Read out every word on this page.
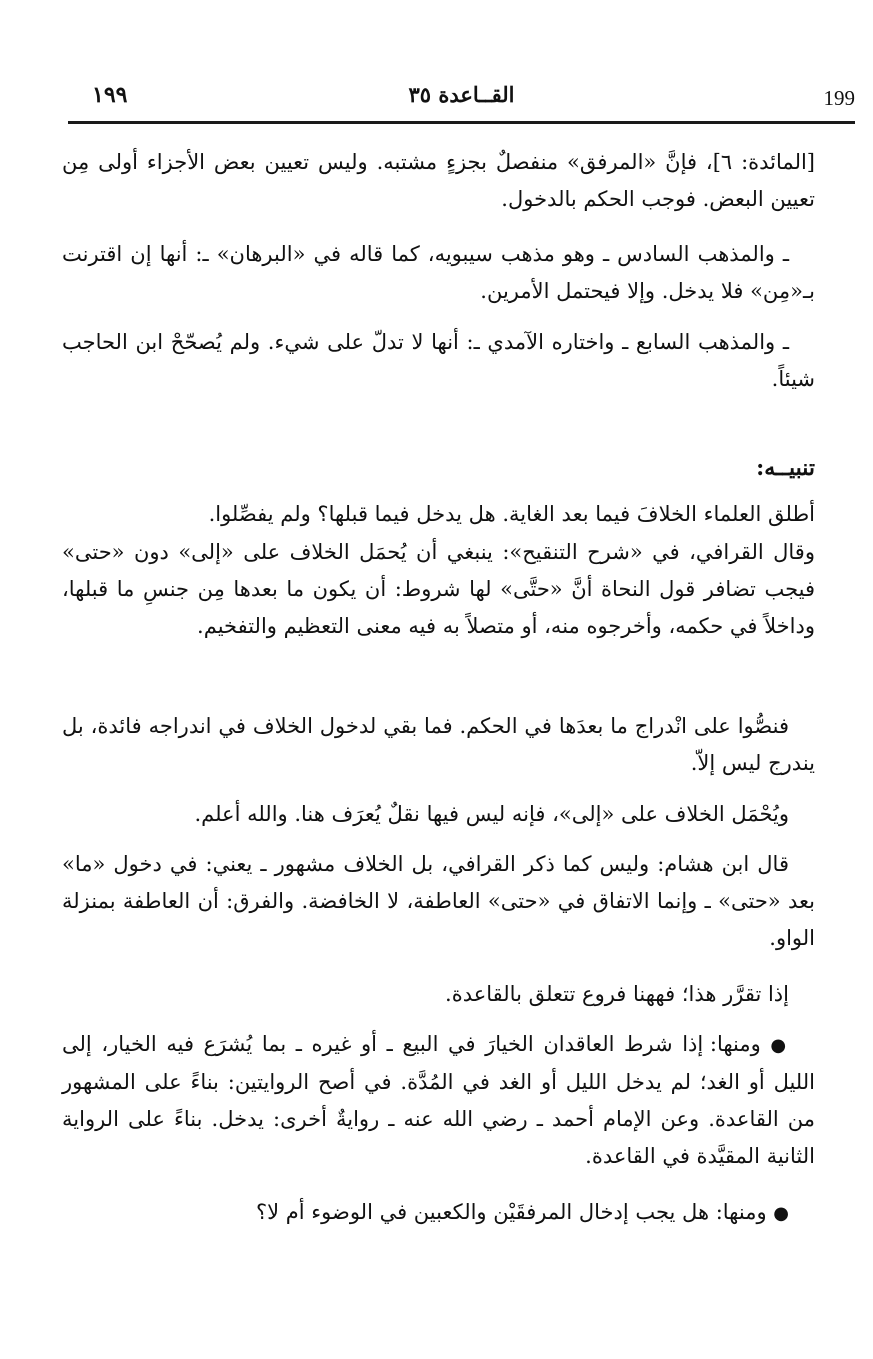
199
القــاعدة ٣٥
١٩٩

[المائدة: ٦]، فإنَّ «المرفق» منفصلٌ بجزءٍ مشتبه. وليس تعيين بعض الأجزاء أولى مِن تعيين البعض. فوجب الحكم بالدخول.

ـ والمذهب السادس ـ وهو مذهب سيبويه، كما قاله في «البرهان» ـ: أنها إن اقترنت بـ«مِن» فلا يدخل. وإلا فيحتمل الأمرين.

ـ والمذهب السابع ـ واختاره الآمدي ـ: أنها لا تدلّ على شيء. ولم يُصحّحْ ابن الحاجب شيئاً.

تنبيــه:

أطلق العلماء الخلافَ فيما بعد الغاية. هل يدخل فيما قبلها؟ ولم يفصِّلوا.

وقال القرافي، في «شرح التنقيح»: ينبغي أن يُحمَل الخلاف على «إلى» دون «حتى» فيجب تضافر قول النحاة أنَّ «حتَّى» لها شروط: أن يكون ما بعدها مِن جنسِ ما قبلها، وداخلاً في حكمه، وأخرجوه منه، أو متصلاً به فيه معنى التعظيم والتفخيم.

فنصُّوا على انْدراج ما بعدَها في الحكم. فما بقي لدخول الخلاف في اندراجه فائدة، بل يندرج ليس إلاّ.

ويُحْمَل الخلاف على «إلى»، فإنه ليس فيها نقلٌ يُعرَف هنا. والله أعلم.

قال ابن هشام: وليس كما ذكر القرافي، بل الخلاف مشهور ـ يعني: في دخول «ما» بعد «حتى» ـ وإنما الاتفاق في «حتى» العاطفة، لا الخافضة. والفرق: أن العاطفة بمنزلة الواو.

إذا تقرَّر هذا؛ فههنا فروع تتعلق بالقاعدة.

● ومنها: إذا شرط العاقدان الخيارَ في البيع ـ أو غيره ـ بما يُشرَع فيه الخيار، إلى الليل أو الغد؛ لم يدخل الليل أو الغد في المُدَّة. في أصح الروايتين: بناءً على المشهور من القاعدة. وعن الإمام أحمد ـ رضي الله عنه ـ روايةٌ أخرى: يدخل. بناءً على الرواية الثانية المقيَّدة في القاعدة.

● ومنها: هل يجب إدخال المرفقَيْن والكعبين في الوضوء أم لا؟
